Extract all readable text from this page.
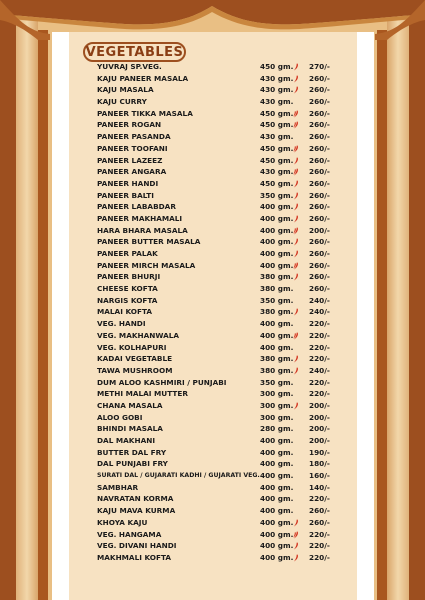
VEGETABLES
YUVRAJ SP.VEG.	450 gm. 270/-
KAJU PANEER MASALA	430 gm. 260/-
KAJU MASALA	430 gm. 260/-
KAJU CURRY	430 gm. 260/-
PANEER TIKKA MASALA	450 gm. 260/-
PANEER ROGAN	450 gm. 260/-
PANEER PASANDA	430 gm. 260/-
PANEER TOOFANI	450 gm. 260/-
PANEER LAZEEZ	450 gm. 260/-
PANEER ANGARA	430 gm. 260/-
PANEER HANDI	450 gm. 260/-
PANEER BALTI	350 gm. 260/-
PANEER LABABDAR	400 gm. 260/-
PANEER MAKHAMALI	400 gm. 260/-
HARA BHARA MASALA	400 gm. 200/-
PANEER BUTTER MASALA	400 gm. 260/-
PANEER PALAK	400 gm. 260/-
PANEER MIRCH MASALA	400 gm. 260/-
PANEER BHURJI	380 gm. 260/-
CHEESE KOFTA	380 gm. 260/-
NARGIS KOFTA	350 gm. 240/-
MALAI KOFTA	380 gm. 240/-
VEG. HANDI	400 gm. 220/-
VEG. MAKHANWALA	400 gm. 220/-
VEG. KOLHAPURI	400 gm. 220/-
KADAI VEGETABLE	380 gm. 220/-
TAWA MUSHROOM	380 gm. 240/-
DUM ALOO KASHMIRI / PUNJABI	350 gm. 220/-
METHI MALAI MUTTER	300 gm. 220/-
CHANA MASALA	300 gm. 200/-
ALOO GOBI	300 gm. 200/-
BHINDI MASALA	280 gm. 200/-
DAL MAKHANI	400 gm. 200/-
BUTTER DAL FRY	400 gm. 190/-
DAL PUNJABI FRY	400 gm. 180/-
SURATI DAL / GUJARATI KADHI / GUJARATI VEG. 400 gm. 160/-
SAMBHAR	400 gm. 140/-
NAVRATAN KORMA	400 gm. 220/-
KAJU MAVA KURMA	400 gm. 260/-
KHOYA KAJU	400 gm. 260/-
VEG. HANGAMA	400 gm. 220/-
VEG. DIVANI HANDI	400 gm. 220/-
MAKHMALI KOFTA	400 gm. 220/-
